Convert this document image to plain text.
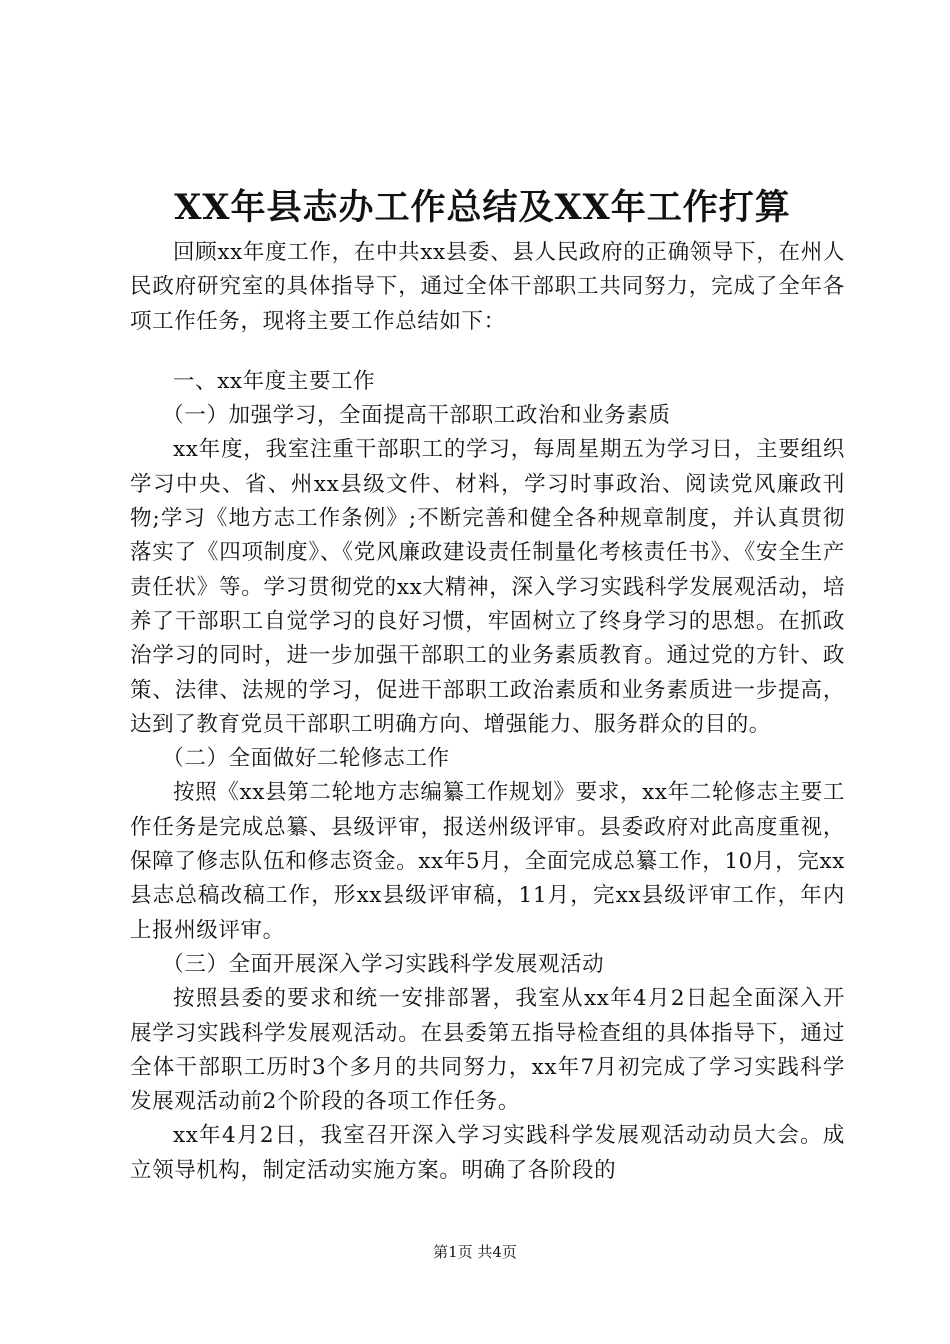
XX年县志办工作总结及XX年工作打算

回顾xx年度工作，在中共xx县委、县人民政府的正确领导下，在州人民政府研究室的具体指导下，通过全体干部职工共同努力，完成了全年各项工作任务，现将主要工作总结如下：

一、xx年度主要工作

（一）加强学习，全面提高干部职工政治和业务素质

xx年度，我室注重干部职工的学习，每周星期五为学习日，主要组织学习中央、省、州xx县级文件、材料，学习时事政治、阅读党风廉政刊物;学习《地方志工作条例》;不断完善和健全各种规章制度，并认真贯彻落实了《四项制度》、《党风廉政建设责任制量化考核责任书》、《安全生产责任状》等。学习贯彻党的xx大精神，深入学习实践科学发展观活动，培养了干部职工自觉学习的良好习惯，牢固树立了终身学习的思想。在抓政治学习的同时，进一步加强干部职工的业务素质教育。通过党的方针、政策、法律、法规的学习，促进干部职工政治素质和业务素质进一步提高，达到了教育党员干部职工明确方向、增强能力、服务群众的目的。

（二）全面做好二轮修志工作

按照《xx县第二轮地方志编纂工作规划》要求，xx年二轮修志主要工作任务是完成总纂、县级评审，报送州级评审。县委政府对此高度重视，保障了修志队伍和修志资金。xx年5月，全面完成总纂工作，10月，完xx县志总稿改稿工作，形xx县级评审稿，11月，完xx县级评审工作，年内上报州级评审。

（三）全面开展深入学习实践科学发展观活动

按照县委的要求和统一安排部署，我室从xx年4月2日起全面深入开展学习实践科学发展观活动。在县委第五指导检查组的具体指导下，通过全体干部职工历时3个多月的共同努力，xx年7月初完成了学习实践科学发展观活动前2个阶段的各项工作任务。

xx年4月2日，我室召开深入学习实践科学发展观活动动员大会。成立领导机构，制定活动实施方案。明确了各阶段的

第1页 共4页
